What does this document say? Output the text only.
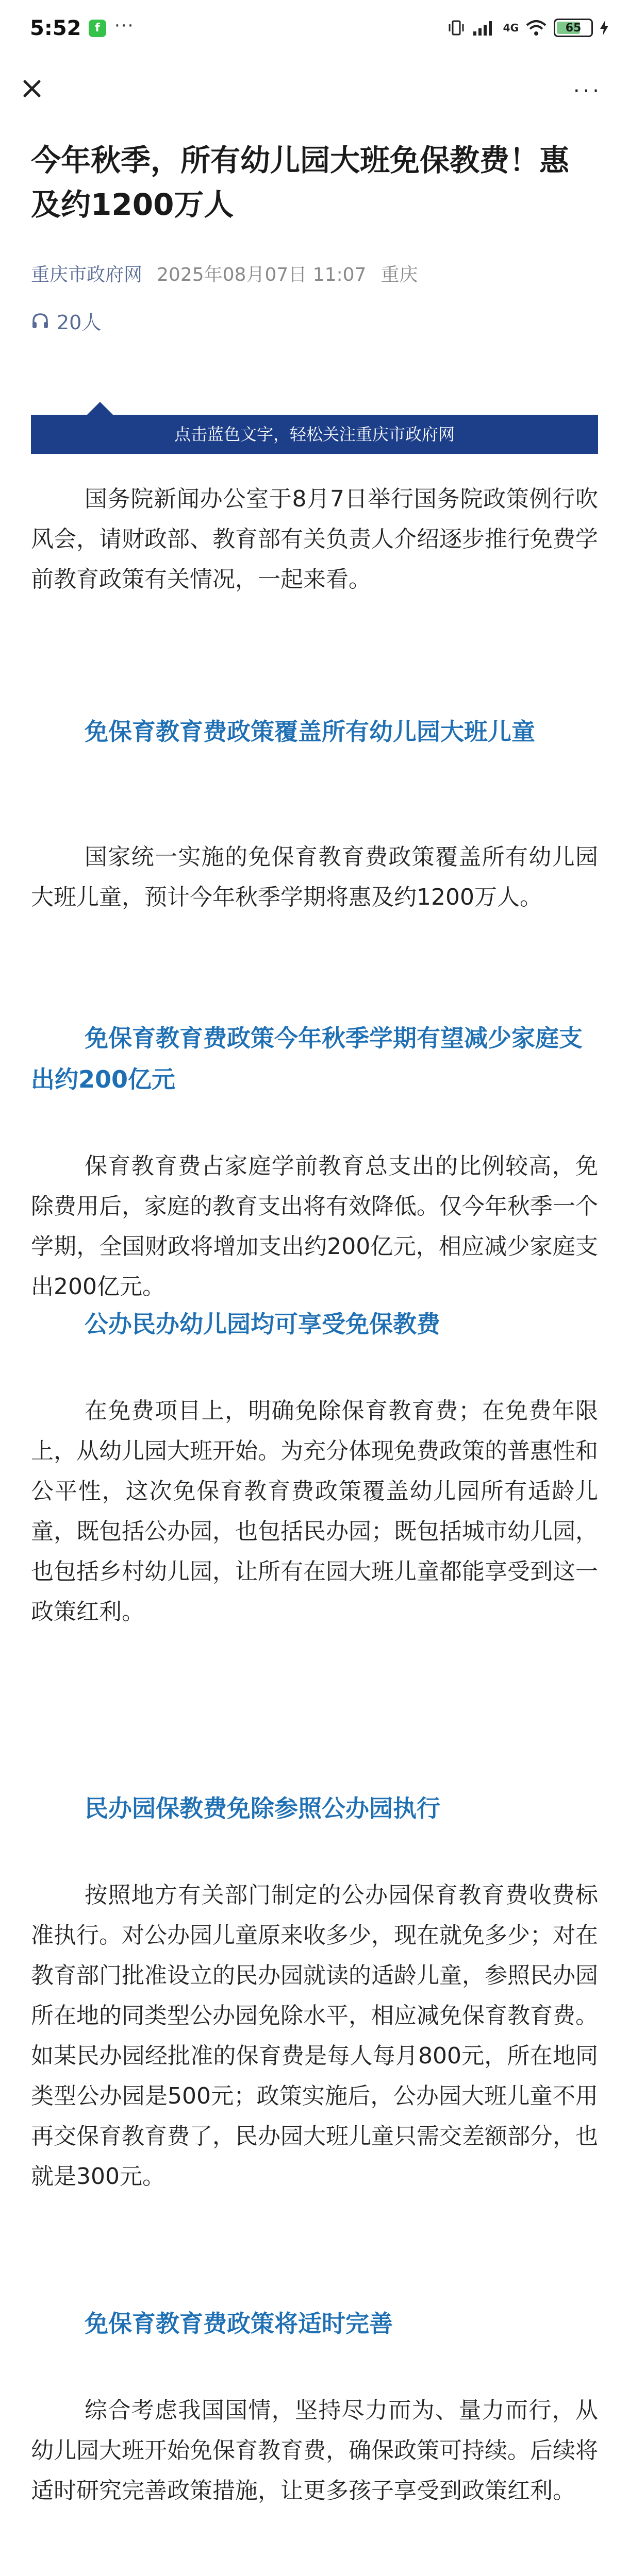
5:52	f ···	4G	65
···
今年秋季，所有幼儿园大班免保教费！惠及约1200万人
重庆市政府网 2025年08月07日 11:07 重庆
20人
点击蓝色文字，轻松关注重庆市政府网
国务院新闻办公室于8月7日举行国务院政策例行吹风会，请财政部、教育部有关负责人介绍逐步推行免费学前教育政策有关情况，一起来看。
免保育教育费政策覆盖所有幼儿园大班儿童
国家统一实施的免保育教育费政策覆盖所有幼儿园大班儿童，预计今年秋季学期将惠及约1200万人。
免保育教育费政策今年秋季学期有望减少家庭支出约200亿元
保育教育费占家庭学前教育总支出的比例较高，免除费用后，家庭的教育支出将有效降低。仅今年秋季一个学期，全国财政将增加支出约200亿元，相应减少家庭支出200亿元。
公办民办幼儿园均可享受免保教费
在免费项目上，明确免除保育教育费；在免费年限上，从幼儿园大班开始。为充分体现免费政策的普惠性和公平性，这次免保育教育费政策覆盖幼儿园所有适龄儿童，既包括公办园，也包括民办园；既包括城市幼儿园，也包括乡村幼儿园，让所有在园大班儿童都能享受到这一政策红利。
民办园保教费免除参照公办园执行
按照地方有关部门制定的公办园保育教育费收费标准执行。对公办园儿童原来收多少，现在就免多少；对在教育部门批准设立的民办园就读的适龄儿童，参照民办园所在地的同类型公办园免除水平，相应减免保育教育费。如某民办园经批准的保育费是每人每月800元，所在地同类型公办园是500元；政策实施后，公办园大班儿童不用再交保育教育费了，民办园大班儿童只需交差额部分，也就是300元。
免保育教育费政策将适时完善
综合考虑我国国情，坚持尽力而为、量力而行，从幼儿园大班开始免保育教育费，确保政策可持续。后续将适时研究完善政策措施，让更多孩子享受到政策红利。
